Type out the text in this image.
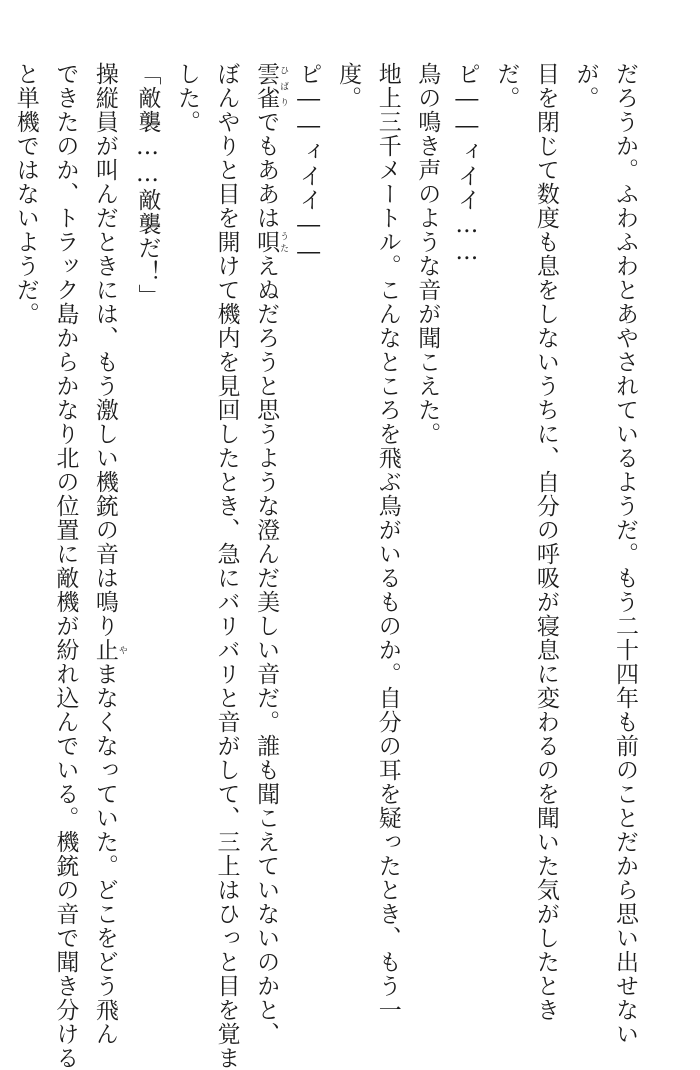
だろうか。ふわふわとあやされているようだ。もう二十四年も前のことだから思い出せない
が。
目を閉じて数度も息をしないうちに、自分の呼吸が寝息に変わるのを聞いた気がしたとき
だ。
ピ――ィイイ……
鳥の鳴き声のような音が聞こえた。
地上三千メートル。こんなところを飛ぶ鳥がいるものか。自分の耳を疑ったとき、もう一
度。
ピ――ィイイ――
雲雀 ひばりでもああは唄 うたえぬだろうと思うような澄んだ美しい音だ。誰も聞こえていないのかと、
ぼんやりと目を開けて機内を見回したとき、急にバリバリと音がして、三上はひっと目を覚ま
した。
「敵襲……敵襲だ！」
操縦員が叫んだときには、もう激しい機銃の音は鳴り止 やまなくなっていた。どこをどう飛ん
できたのか、トラック島からかなり北の位置に敵機が紛れ込んでいる。機銃の音で聞き分ける
と単機ではないようだ。
